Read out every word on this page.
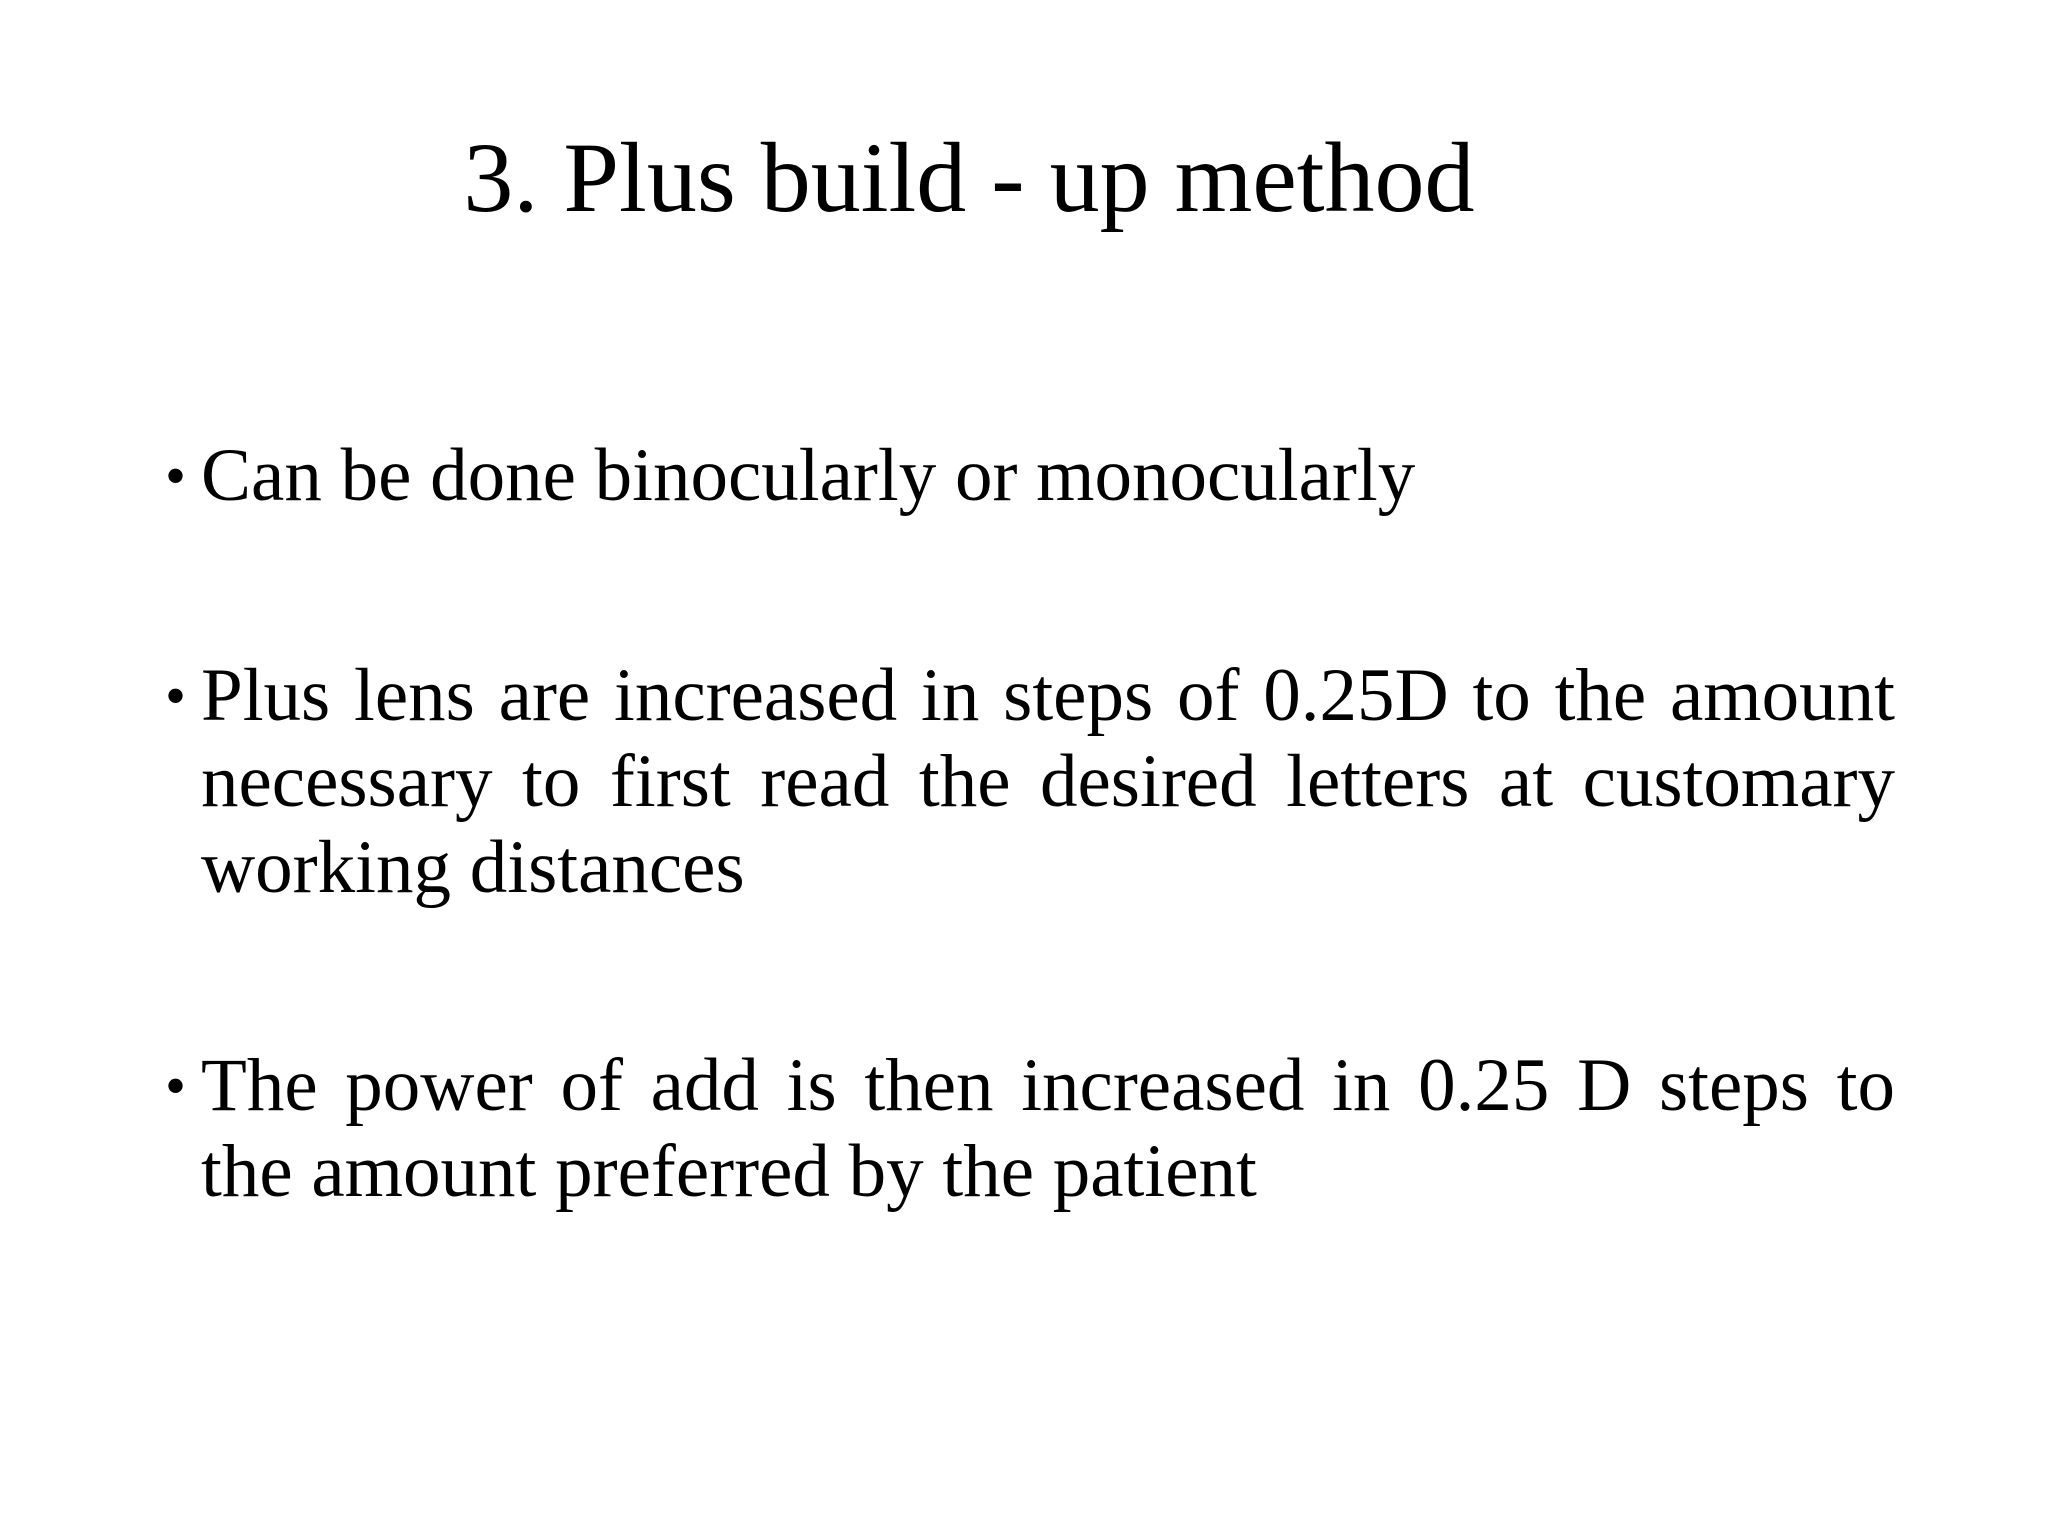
3. Plus build - up method
• Can be done binocularly or monocularly
• Plus lens are increased in steps of 0.25D to the amount necessary to first read the desired letters at customary working distances
• The power of add is then increased in 0.25 D steps to the amount preferred by the patient
